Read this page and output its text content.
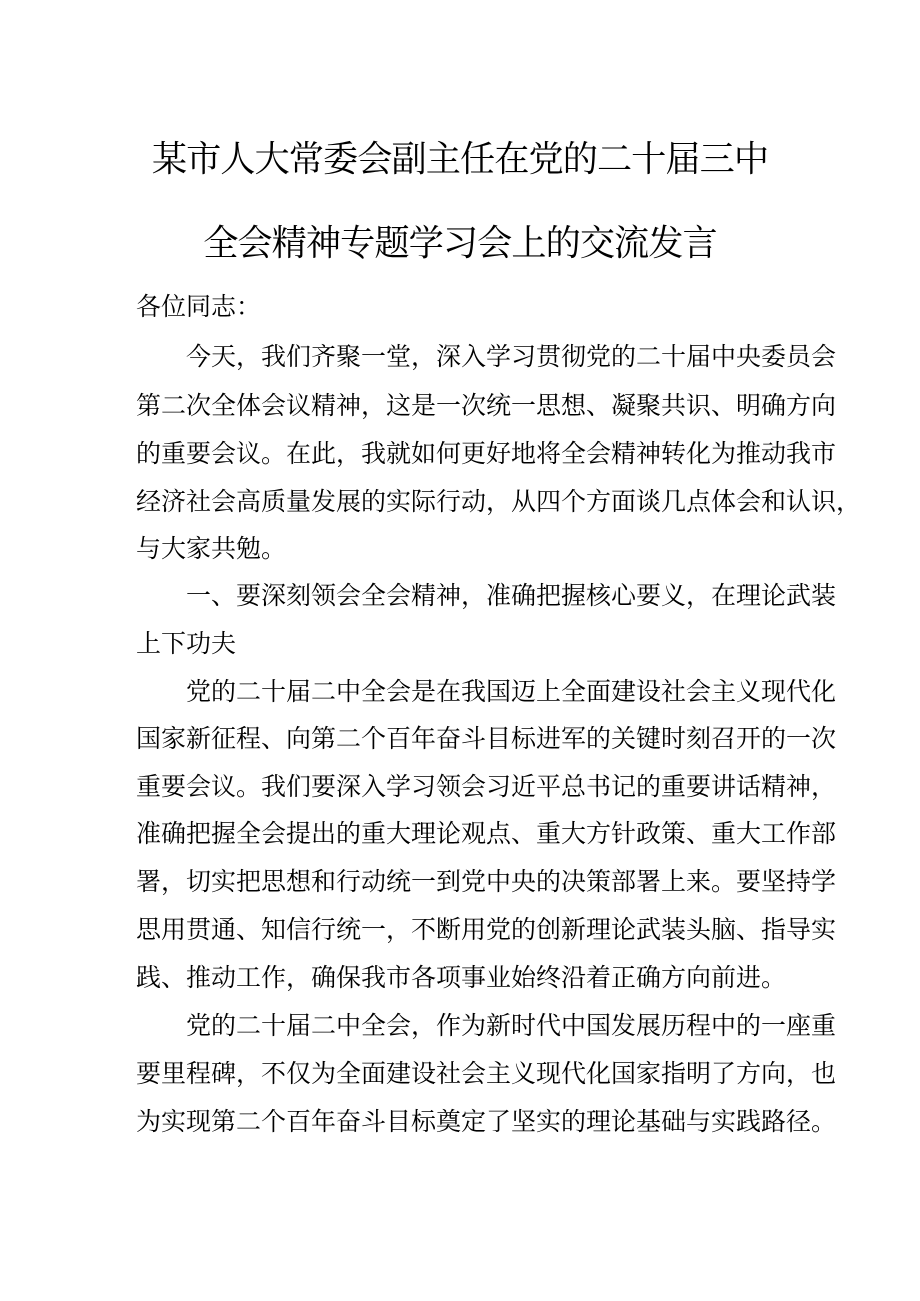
某市人大常委会副主任在党的二十届三中
全会精神专题学习会上的交流发言
各位同志：
今天，我们齐聚一堂，深入学习贯彻党的二十届中央委员会
第二次全体会议精神，这是一次统一思想、凝聚共识、明确方向
的重要会议。在此，我就如何更好地将全会精神转化为推动我市
经济社会高质量发展的实际行动，从四个方面谈几点体会和认识，
与大家共勉。
一、要深刻领会全会精神，准确把握核心要义，在理论武装
上下功夫
党的二十届二中全会是在我国迈上全面建设社会主义现代化
国家新征程、向第二个百年奋斗目标进军的关键时刻召开的一次
重要会议。我们要深入学习领会习近平总书记的重要讲话精神，
准确把握全会提出的重大理论观点、重大方针政策、重大工作部
署，切实把思想和行动统一到党中央的决策部署上来。要坚持学
思用贯通、知信行统一，不断用党的创新理论武装头脑、指导实
践、推动工作，确保我市各项事业始终沿着正确方向前进。
党的二十届二中全会，作为新时代中国发展历程中的一座重
要里程碑，不仅为全面建设社会主义现代化国家指明了方向，也
为实现第二个百年奋斗目标奠定了坚实的理论基础与实践路径。
